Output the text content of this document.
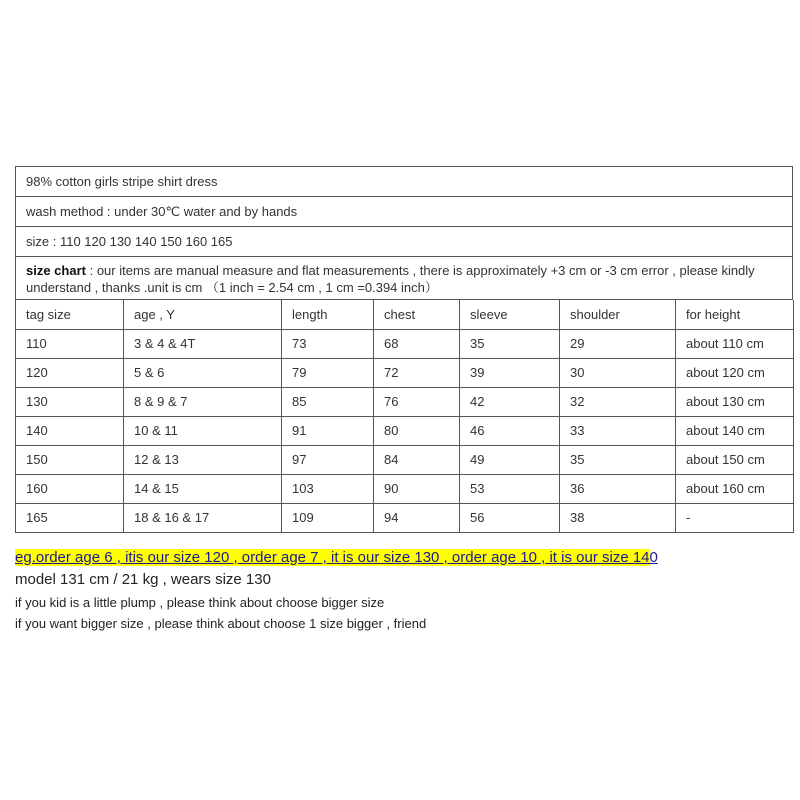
98% cotton girls stripe shirt dress
wash method : under 30℃ water and by hands
size : 110 120 130 140 150 160 165
size chart : our items are manual measure and flat measurements , there is approximately +3 cm or -3 cm error , please kindly understand , thanks .unit is cm （1 inch = 2.54 cm , 1 cm =0.394 inch）
tag size	age , Y	length	chest	sleeve	shoulder	for height
110	3 & 4 & 4T	73	68	35	29	about 110 cm
120	5 & 6	79	72	39	30	about 120 cm
130	8 & 9 & 7	85	76	42	32	about 130 cm
140	10 & 11	91	80	46	33	about 140 cm
150	12 & 13	97	84	49	35	about 150 cm
160	14 & 15	103	90	53	36	about 160 cm
165	18 & 16 & 17	109	94	56	38	-
eg.order age 6 , itis our size 120 , order age 7 , it is our size 130 , order age 10 , it is our size 140
model 131 cm / 21 kg , wears size 130
if you kid is a little plump , please think about choose bigger size
if you want bigger size , please think about choose 1 size bigger , friend
